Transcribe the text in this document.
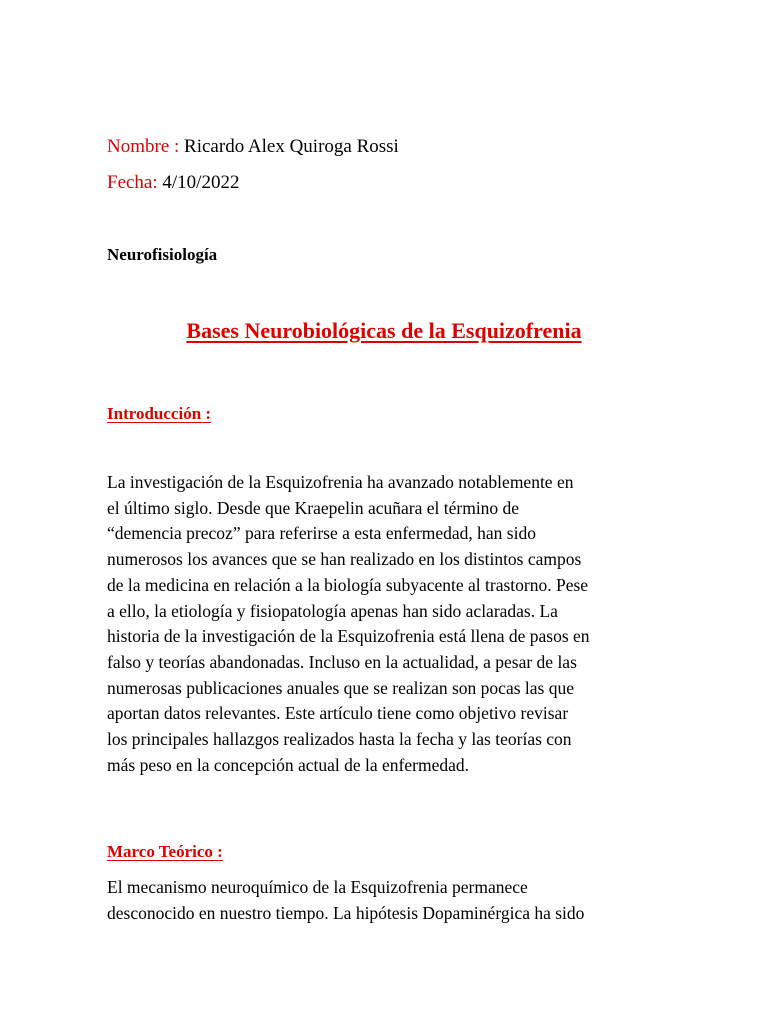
Nombre : Ricardo Alex Quiroga Rossi
Fecha: 4/10/2022
Neurofisiología
Bases Neurobiológicas de la Esquizofrenia
Introducción :

La investigación de la Esquizofrenia ha avanzado notablemente en
el último siglo. Desde que Kraepelin acuñara el término de
“demencia precoz” para referirse a esta enfermedad, han sido
numerosos los avances que se han realizado en los distintos campos
de la medicina en relación a la biología subyacente al trastorno. Pese
a ello, la etiología y fisiopatología apenas han sido aclaradas. La
historia de la investigación de la Esquizofrenia está llena de pasos en
falso y teorías abandonadas. Incluso en la actualidad, a pesar de las
numerosas publicaciones anuales que se realizan son pocas las que
aportan datos relevantes. Este artículo tiene como objetivo revisar
los principales hallazgos realizados hasta la fecha y las teorías con
más peso en la concepción actual de la enfermedad.

Marco Teórico :

El mecanismo neuroquímico de la Esquizofrenia permanece
desconocido en nuestro tiempo. La hipótesis Dopaminérgica ha sido
